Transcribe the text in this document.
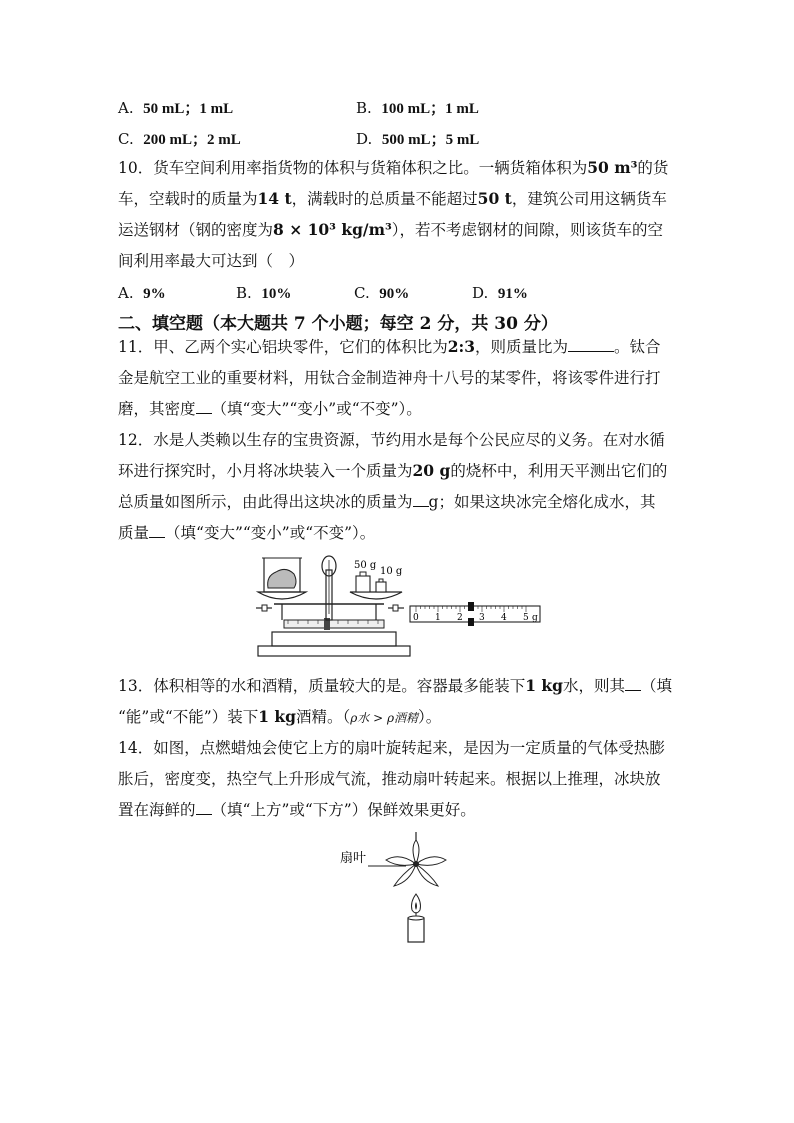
A. 50 mL；1 mL	B. 100 mL；1 mL
C. 200 mL；2 mL	D. 500 mL；5 mL
10．货车空间利用率指货物的体积与货箱体积之比。一辆货箱体积为50 m³的货
车，空载时的质量为14 t，满载时的总质量不能超过50 t，建筑公司用这辆货车
运送钢材（钢的密度为8 × 10³ kg/m³），若不考虑钢材的间隙，则该货车的空
间利用率最大可达到（　）
A. 9%	B. 10%	C. 90%	D. 91%
二、填空题（本大题共 7 个小题；每空 2 分，共 30 分）
11．甲、乙两个实心铝块零件，它们的体积比为2:3，则质量比为	。钛合
金是航空工业的重要材料，用钛合金制造神舟十八号的某零件，将该零件进行打
磨，其密度 （填“变大”“变小”或“不变”）。
12．水是人类赖以生存的宝贵资源，节约用水是每个公民应尽的义务。在对水循
环进行探究时，小月将冰块装入一个质量为20 g的烧杯中，利用天平测出它们的
总质量如图所示，由此得出这块冰的质量为 g；如果这块冰完全熔化成水，其
质量 （填“变大”“变小”或“不变”）。
50 g
10 g
0 1 2 3 4 5 g
13．体积相等的水和酒精，质量较大的是。容器最多能装下1 kg水，则其 （填
“能”或“不能”）装下1 kg酒精。（ρ水 > ρ酒精）。
14．如图，点燃蜡烛会使它上方的扇叶旋转起来，是因为一定质量的气体受热膨
胀后，密度变，热空气上升形成气流，推动扇叶转起来。根据以上推理，冰块放
置在海鲜的 （填“上方”或“下方”）保鲜效果更好。
扇叶
